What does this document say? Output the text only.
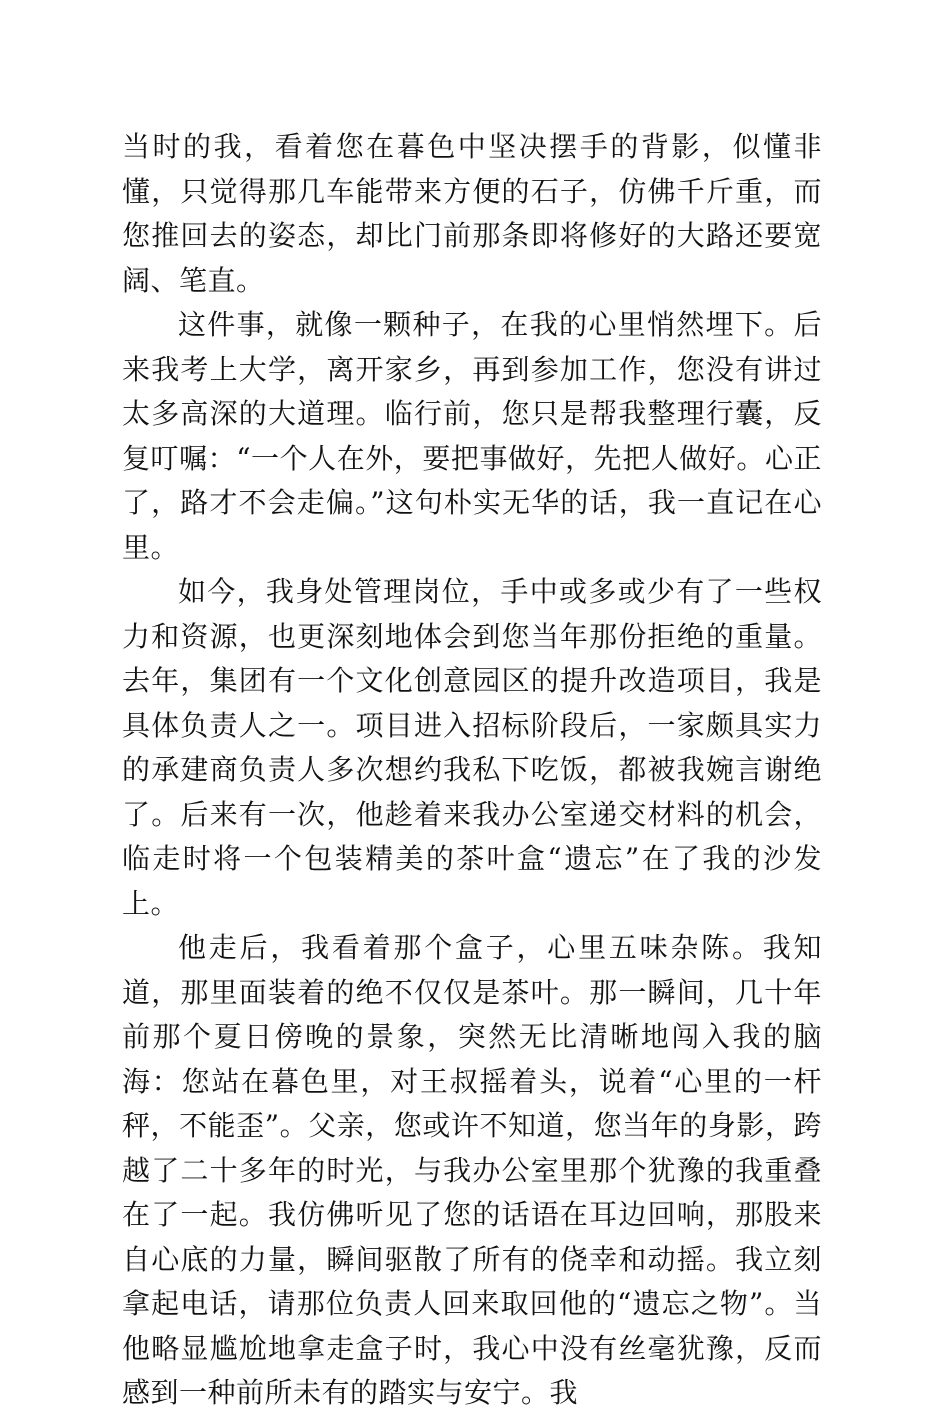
当时的我，看着您在暮色中坚决摆手的背影，似懂非懂，只觉得那几车能带来方便的石子，仿佛千斤重，而您推回去的姿态，却比门前那条即将修好的大路还要宽阔、笔直。

这件事，就像一颗种子，在我的心里悄然埋下。后来我考上大学，离开家乡，再到参加工作，您没有讲过太多高深的大道理。临行前，您只是帮我整理行囊，反复叮嘱：“一个人在外，要把事做好，先把人做好。心正了，路才不会走偏。”这句朴实无华的话，我一直记在心里。

如今，我身处管理岗位，手中或多或少有了一些权力和资源，也更深刻地体会到您当年那份拒绝的重量。去年，集团有一个文化创意园区的提升改造项目，我是具体负责人之一。项目进入招标阶段后，一家颇具实力的承建商负责人多次想约我私下吃饭，都被我婉言谢绝了。后来有一次，他趁着来我办公室递交材料的机会，临走时将一个包装精美的茶叶盒“遗忘”在了我的沙发上。

他走后，我看着那个盒子，心里五味杂陈。我知道，那里面装着的绝不仅仅是茶叶。那一瞬间，几十年前那个夏日傍晚的景象，突然无比清晰地闯入我的脑海：您站在暮色里，对王叔摇着头，说着“心里的一杆秤，不能歪”。父亲，您或许不知道，您当年的身影，跨越了二十多年的时光，与我办公室里那个犹豫的我重叠在了一起。我仿佛听见了您的话语在耳边回响，那股来自心底的力量，瞬间驱散了所有的侥幸和动摇。我立刻拿起电话，请那位负责人回来取回他的“遗忘之物”。当他略显尴尬地拿走盒子时，我心中没有丝毫犹豫，反而感到一种前所未有的踏实与安宁。我
